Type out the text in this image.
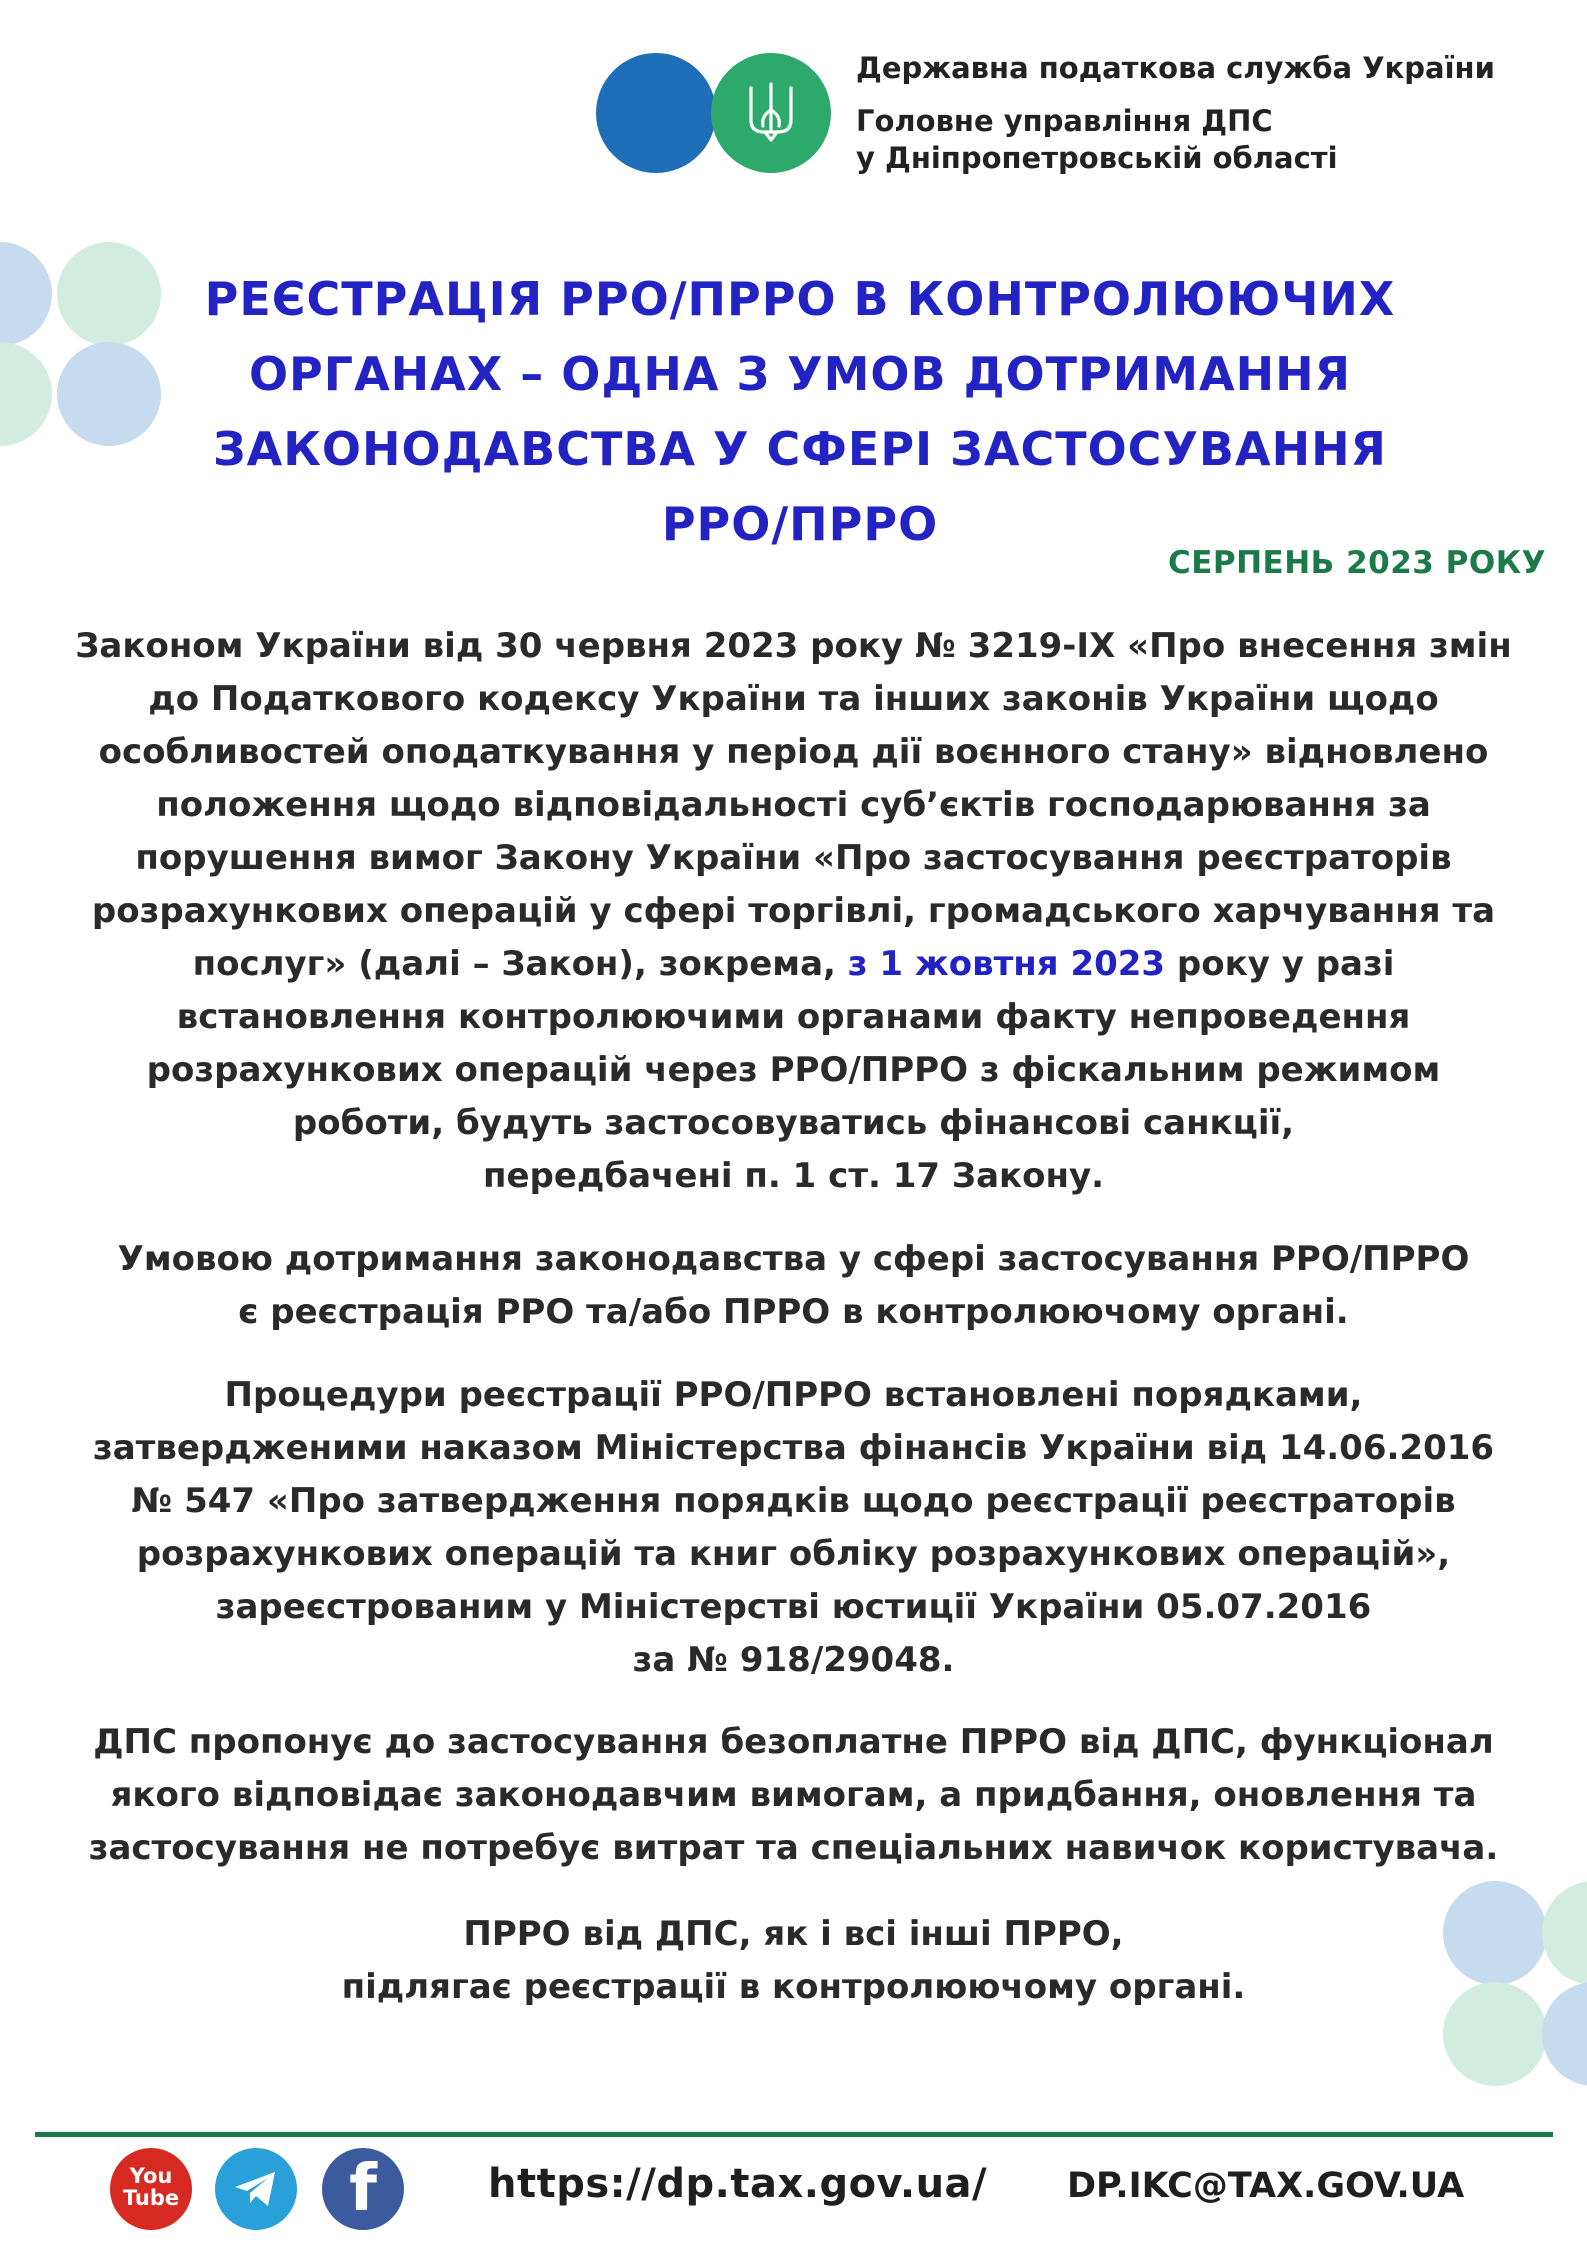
Державна податкова служба України
Головне управління ДПС
у Дніпропетровській області
РЕЄСТРАЦІЯ РРО/ПРРО В КОНТРОЛЮЮЧИХ
ОРГАНАХ – ОДНА З УМОВ ДОТРИМАННЯ
ЗАКОНОДАВСТВА У СФЕРІ ЗАСТОСУВАННЯ
РРО/ПРРО
СЕРПЕНЬ 2023 РОКУ
Законом України від 30 червня 2023 року № 3219-ІХ «Про внесення змін
до Податкового кодексу України та інших законів України щодо
особливостей оподаткування у період дії воєнного стану» відновлено
положення щодо відповідальності суб’єктів господарювання за
порушення вимог Закону України «Про застосування реєстраторів
розрахункових операцій у сфері торгівлі, громадського харчування та
послуг» (далі – Закон), зокрема, з 1 жовтня 2023 року у разі
встановлення контролюючими органами факту непроведення
розрахункових операцій через РРО/ПРРО з фіскальним режимом
роботи, будуть застосовуватись фінансові санкції,
передбачені п. 1 ст. 17 Закону.
Умовою дотримання законодавства у сфері застосування РРО/ПРРО
є реєстрація РРО та/або ПРРО в контролюючому органі.
Процедури реєстрації РРО/ПРРО встановлені порядками,
затвердженими наказом Міністерства фінансів України від 14.06.2016
№ 547 «Про затвердження порядків щодо реєстрації реєстраторів
розрахункових операцій та книг обліку розрахункових операцій»,
зареєстрованим у Міністерстві юстиції України 05.07.2016
за № 918/29048.
ДПС пропонує до застосування безоплатне ПРРО від ДПС, функціонал
якого відповідає законодавчим вимогам, а придбання, оновлення та
застосування не потребує витрат та спеціальних навичок користувача.
ПРРО від ДПС, як і всі інші ПРРО,
підлягає реєстрації в контролюючому органі.
You
Tube	f	https://dp.tax.gov.ua/ DP.IKC@TAX.GOV.UA
